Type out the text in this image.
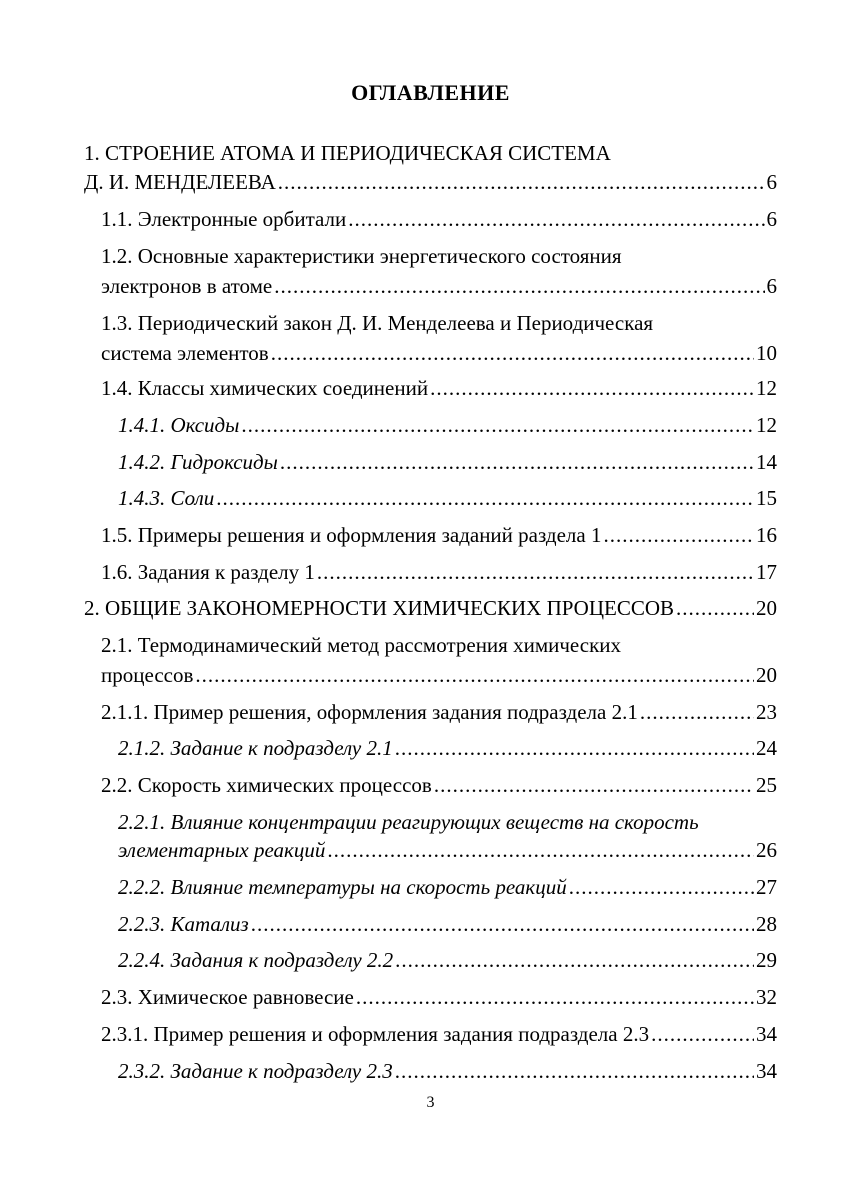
ОГЛАВЛЕНИЕ
1. СТРОЕНИЕ АТОМА И ПЕРИОДИЧЕСКАЯ СИСТЕМА
Д. И. МЕНДЕЛЕЕВА .....	6
1.1. Электронные орбитали .....	6
1.2. Основные характеристики энергетического состояния
электронов в атоме .....	6
1.3. Периодический закон Д. И. Менделеева и Периодическая
система элементов .....	10
1.4. Классы химических соединений .....	12
1.4.1. Оксиды .....	12
1.4.2. Гидроксиды .....	14
1.4.3. Соли .....	15
1.5. Примеры решения и оформления заданий раздела 1 .....	16
1.6. Задания к разделу 1 .....	17
2. ОБЩИЕ ЗАКОНОМЕРНОСТИ ХИМИЧЕСКИХ ПРОЦЕССОВ .....	20
2.1. Термодинамический метод рассмотрения химических
процессов .....	20
2.1.1. Пример решения, оформления задания подраздела 2.1 .....	23
2.1.2. Задание к подразделу 2.1 .....	24
2.2. Скорость химических процессов .....	25
2.2.1. Влияние концентрации реагирующих веществ на скорость
элементарных реакций .....	26
2.2.2. Влияние температуры на скорость реакций .....	27
2.2.3. Катализ .....	28
2.2.4. Задания к подразделу 2.2 .....	29
2.3. Химическое равновесие .....	32
2.3.1. Пример решения и оформления задания подраздела 2.3 .....	34
2.3.2. Задание к подразделу 2.3 .....	34
3
